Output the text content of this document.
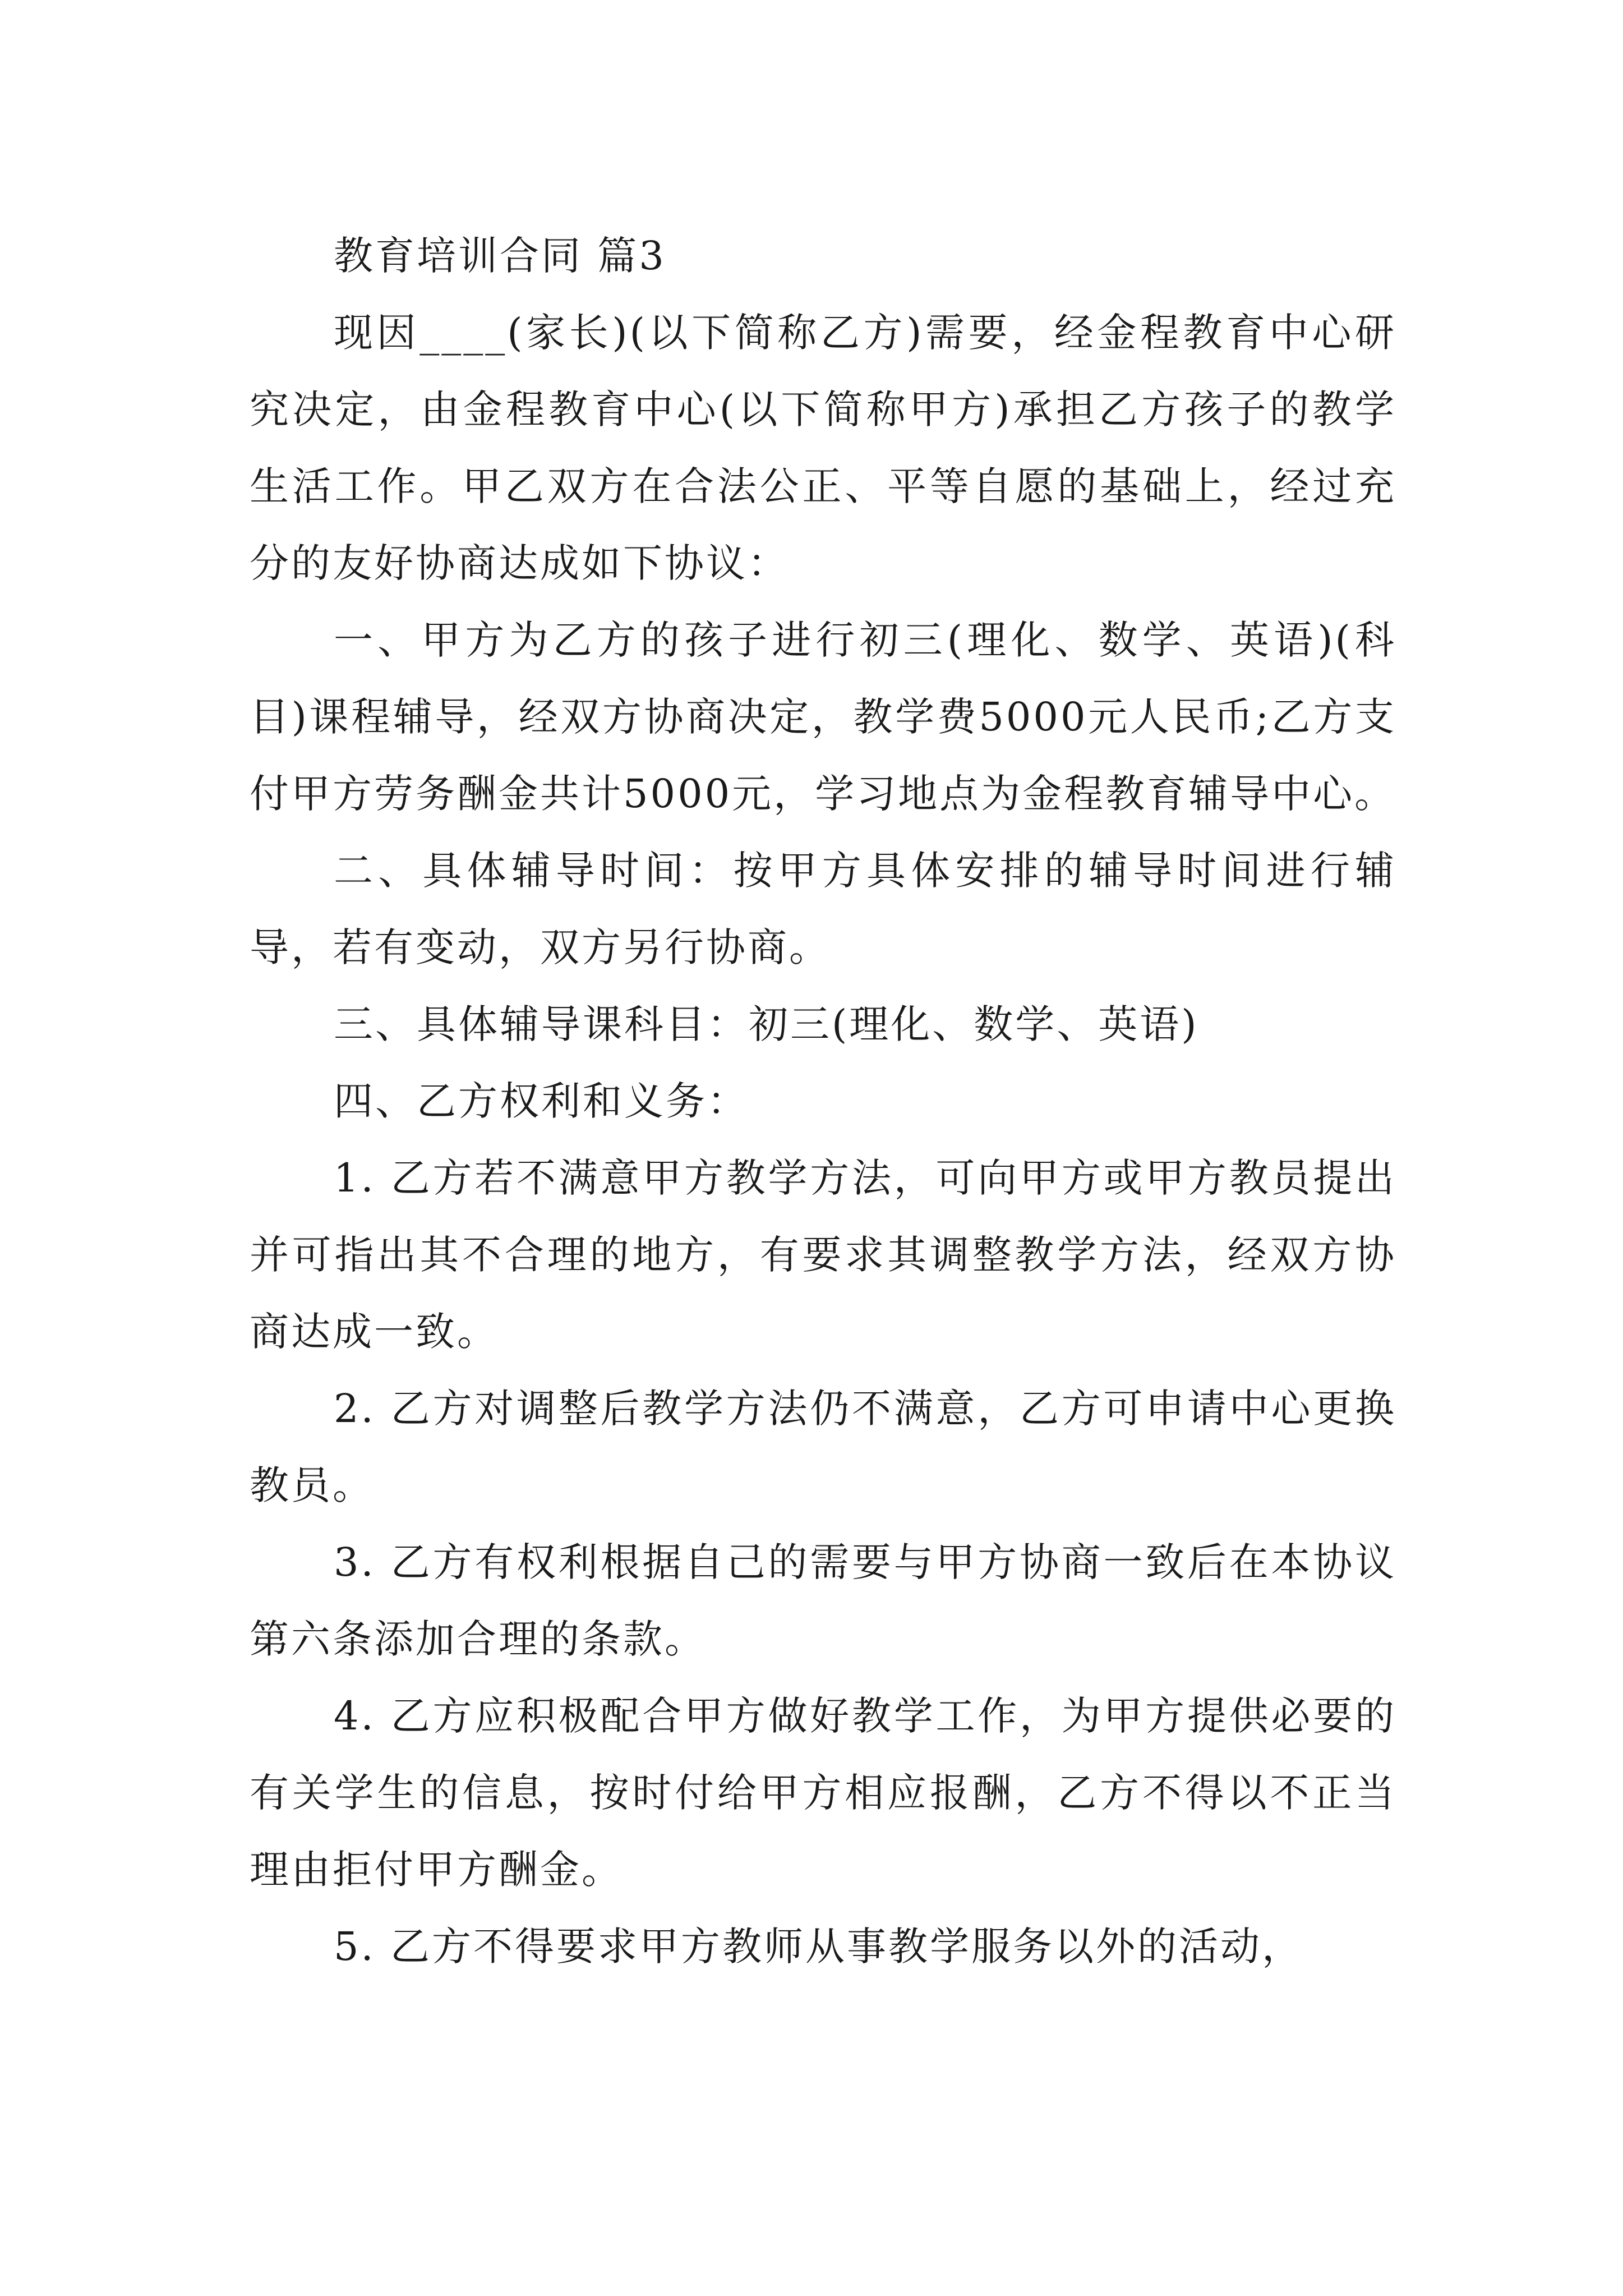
教育培训合同 篇3

现因____(家长)(以下简称乙方)需要，经金程教育中心研究决定，由金程教育中心(以下简称甲方)承担乙方孩子的教学生活工作。甲乙双方在合法公正、平等自愿的基础上，经过充分的友好协商达成如下协议：

一、甲方为乙方的孩子进行初三(理化、数学、英语)(科目)课程辅导，经双方协商决定，教学费5000元人民币;乙方支付甲方劳务酬金共计5000元，学习地点为金程教育辅导中心。

二、具体辅导时间：按甲方具体安排的辅导时间进行辅导，若有变动，双方另行协商。

三、具体辅导课科目：初三(理化、数学、英语)

四、乙方权利和义务：

1. 乙方若不满意甲方教学方法，可向甲方或甲方教员提出并可指出其不合理的地方，有要求其调整教学方法，经双方协商达成一致。

2. 乙方对调整后教学方法仍不满意，乙方可申请中心更换教员。

3. 乙方有权利根据自己的需要与甲方协商一致后在本协议第六条添加合理的条款。

4. 乙方应积极配合甲方做好教学工作，为甲方提供必要的有关学生的信息，按时付给甲方相应报酬，乙方不得以不正当理由拒付甲方酬金。

5. 乙方不得要求甲方教师从事教学服务以外的活动，
